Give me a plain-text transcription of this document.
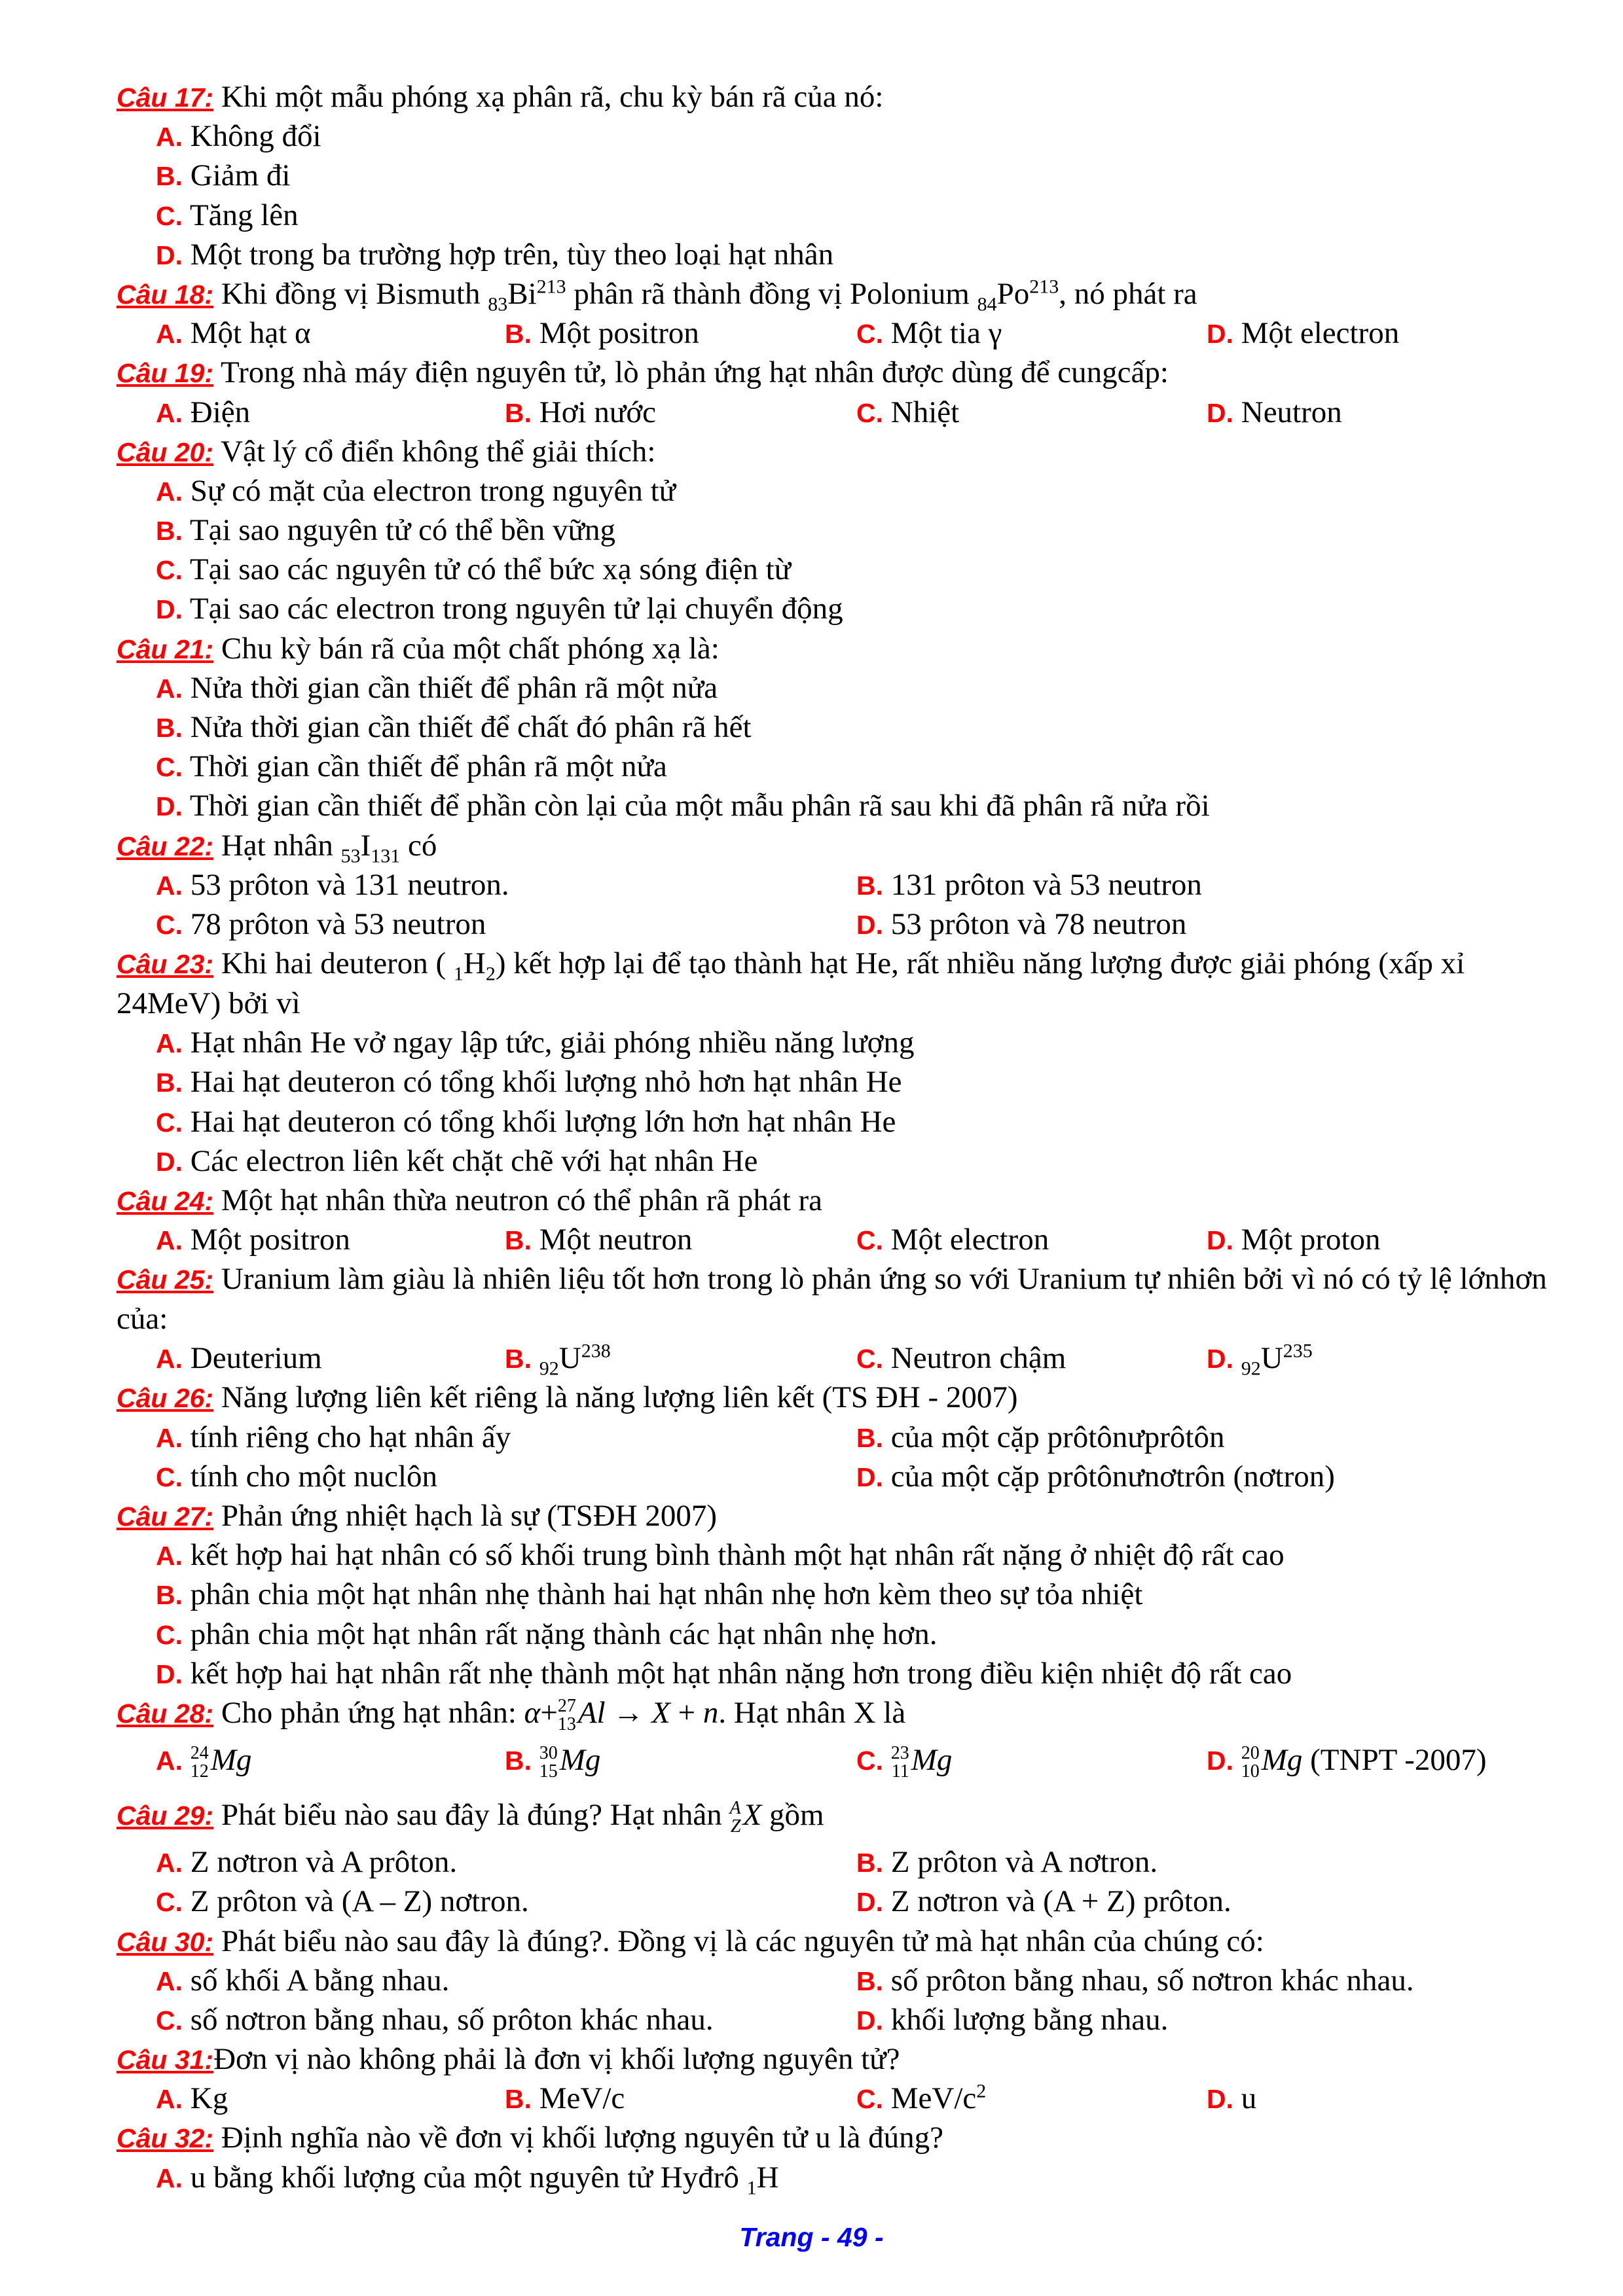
Câu 17: Khi một mẫu phóng xạ phân rã, chu kỳ bán rã của nó:
A. Không đổi
B. Giảm đi
C. Tăng lên
D. Một trong ba trường hợp trên, tùy theo loại hạt nhân
Câu 18: Khi đồng vị Bismuth $_{83}Bi^{213}$ phân rã thành đồng vị Polonium $_{84}Po^{213}$, nó phát ra
A. Một hạt α	B. Một positron	C. Một tia γ	D. Một electron
Câu 19: Trong nhà máy điện nguyên tử, lò phản ứng hạt nhân được dùng để cungcấp:
A. Điện	B. Hơi nước	C. Nhiệt	D. Neutron
Câu 20: Vật lý cổ điển không thể giải thích:
A. Sự có mặt của electron trong nguyên tử
B. Tại sao nguyên tử có thể bền vững
C. Tại sao các nguyên tử có thể bức xạ sóng điện từ
D. Tại sao các electron trong nguyên tử lại chuyển động
Câu 21: Chu kỳ bán rã của một chất phóng xạ là:
A. Nửa thời gian cần thiết để phân rã một nửa
B. Nửa thời gian cần thiết để chất đó phân rã hết
C. Thời gian cần thiết để phân rã một nửa
D. Thời gian cần thiết để phần còn lại của một mẫu phân rã sau khi đã phân rã nửa rồi
Câu 22: Hạt nhân $_{53}I_{131}$ có
A. 53 prôton và 131 neutron.	B. 131 prôton và 53 neutron
C. 78 prôton và 53 neutron	D. 53 prôton và 78 neutron
Câu 23: Khi hai deuteron ( $_1H_2$) kết hợp lại để tạo thành hạt He, rất nhiều năng lượng được giải phóng (xấp xỉ 24MeV) bởi vì
A. Hạt nhân He vở ngay lập tức, giải phóng nhiều năng lượng
B. Hai hạt deuteron có tổng khối lượng nhỏ hơn hạt nhân He
C. Hai hạt deuteron có tổng khối lượng lớn hơn hạt nhân He
D. Các electron liên kết chặt chẽ với hạt nhân He
Câu 24: Một hạt nhân thừa neutron có thể phân rã phát ra
A. Một positron	B. Một neutron	C. Một electron	D. Một proton
Câu 25: Uranium làm giàu là nhiên liệu tốt hơn trong lò phản ứng so với Uranium tự nhiên bởi vì nó có tỷ lệ lớnhơn của:
A. Deuterium	B. $_{92}U^{238}$	C. Neutron chậm	D. $_{92}U^{235}$
Câu 26: Năng lượng liên kết riêng là năng lượng liên kết (TS ĐH - 2007)
A. tính riêng cho hạt nhân ấy	B. của một cặp prôtônưprôtôn
C. tính cho một nuclôn	D. của một cặp prôtônưnơtrôn (nơtron)
Câu 27: Phản ứng nhiệt hạch là sự (TSĐH 2007)
A. kết hợp hai hạt nhân có số khối trung bình thành một hạt nhân rất nặng ở nhiệt độ rất cao
B. phân chia một hạt nhân nhẹ thành hai hạt nhân nhẹ hơn kèm theo sự tỏa nhiệt
C. phân chia một hạt nhân rất nặng thành các hạt nhân nhẹ hơn.
D. kết hợp hai hạt nhân rất nhẹ thành một hạt nhân nặng hơn trong điều kiện nhiệt độ rất cao
Câu 28: Cho phản ứng hạt nhân: α+ 27
13 Al → X + n. Hạt nhân X là
A. 24
12 Mg	B. 30
15 Mg	C. 23
11 Mg	D. 20
10 Mg (TNPT -2007)
Câu 29: Phát biểu nào sau đây là đúng? Hạt nhân A
Z X gồm
A. Z nơtron và A prôton.	B. Z prôton và A nơtron.
C. Z prôton và (A – Z) nơtron.	D. Z nơtron và (A + Z) prôton.
Câu 30: Phát biểu nào sau đây là đúng?. Đồng vị là các nguyên tử mà hạt nhân của chúng có:
A. số khối A bằng nhau.	B. số prôton bằng nhau, số nơtron khác nhau.
C. số nơtron bằng nhau, số prôton khác nhau.	D. khối lượng bằng nhau.
Câu 31:Đơn vị nào không phải là đơn vị khối lượng nguyên tử?
A. Kg	B. MeV/c	C. MeV/$c^2$	D. u
Câu 32: Định nghĩa nào về đơn vị khối lượng nguyên tử u là đúng?
A. u bằng khối lượng của một nguyên tử Hyđrô $_1$H
Trang - 49 -
